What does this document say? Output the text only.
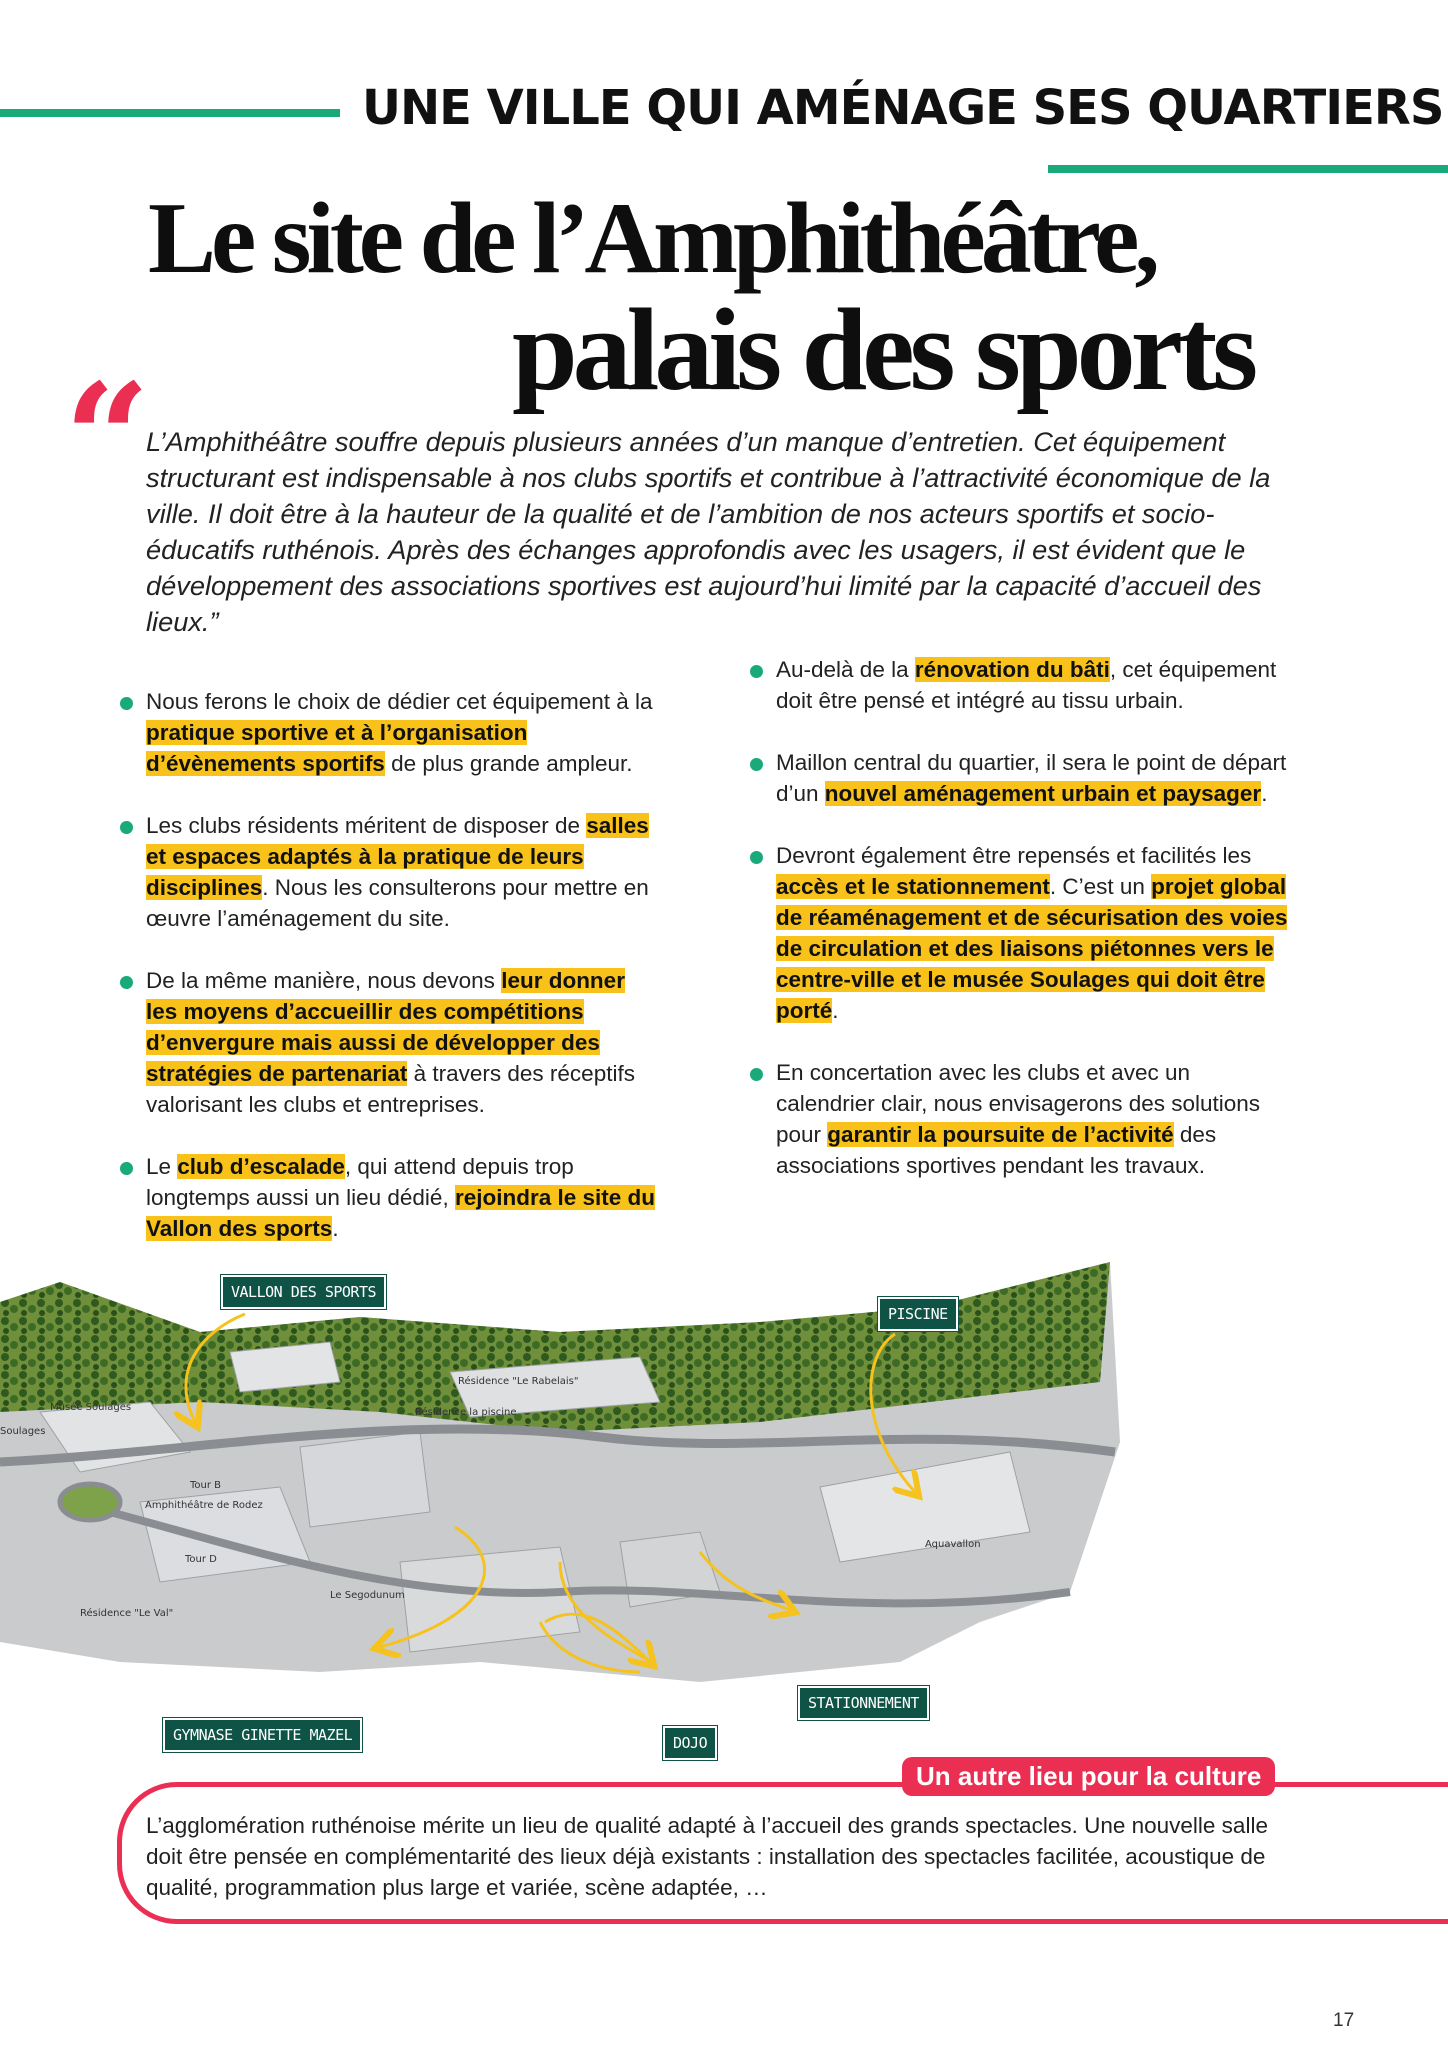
UNE VILLE QUI AMÉNAGE SES QUARTIERS
Le site de l’Amphithéâtre,
palais des sports
“
L’Amphithéâtre souffre depuis plusieurs années d’un manque d’entretien. Cet équipement structurant est indispensable à nos clubs sportifs et contribue à l’attractivité économique de la ville. Il doit être à la hauteur de la qualité et de l’ambition de nos acteurs sportifs et socio-éducatifs ruthénois. Après des échanges approfondis avec les usagers, il est évident que le développement des associations sportives est aujourd’hui limité par la capacité d’accueil des lieux.”
Nous ferons le choix de dédier cet équipement à la pratique sportive et à l’organisation d’évènements sportifs de plus grande ampleur.
Les clubs résidents méritent de disposer de salles et espaces adaptés à la pratique de leurs disciplines. Nous les consulterons pour mettre en œuvre l’aménagement du site.
De la même manière, nous devons leur donner les moyens d’accueillir des compétitions d’envergure mais aussi de développer des stratégies de partenariat à travers des réceptifs valorisant les clubs et entreprises.
Le club d’escalade, qui attend depuis trop longtemps aussi un lieu dédié, rejoindra le site du Vallon des sports.
Au-delà de la rénovation du bâti, cet équipement doit être pensé et intégré au tissu urbain.
Maillon central du quartier, il sera le point de départ d’un nouvel aménagement urbain et paysager.
Devront également être repensés et facilités les accès et le stationnement. C’est un projet global de réaménagement et de sécurisation des voies de circulation et des liaisons piétonnes vers le centre-ville et le musée Soulages qui doit être porté.
En concertation avec les clubs et avec un calendrier clair, nous envisagerons des solutions pour garantir la poursuite de l’activité des associations sportives pendant les travaux.
Résidence "Le Rabelais"
Musée Soulages
Soulages
Résidence la piscine
Tour B
Amphithéâtre de Rodez
Tour D
Le Segodunum
Résidence "Le Val"
Aquavallon
VALLON DES SPORTS
PISCINE
GYMNASE GINETTE MAZEL	DOJO
STATIONNEMENT
Un autre lieu pour la culture
L’agglomération ruthénoise mérite un lieu de qualité adapté à l’accueil des grands spectacles. Une nouvelle salle doit être pensée en complémentarité des lieux déjà existants : installation des spectacles facilitée, acoustique de qualité, programmation plus large et variée, scène adaptée, …
17
